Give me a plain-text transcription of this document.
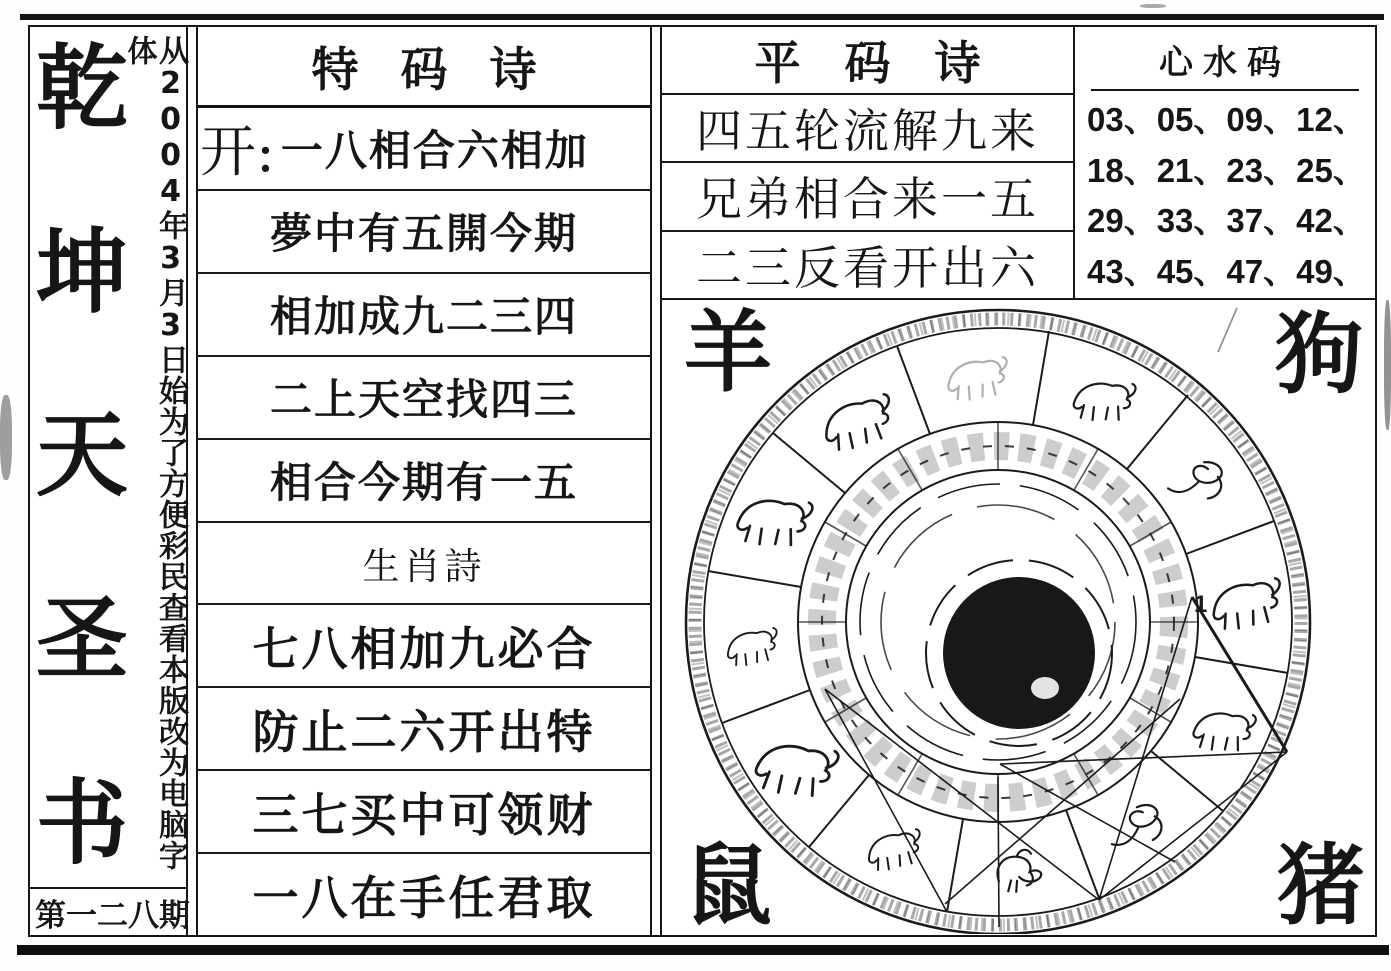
乾
坤
天
圣
书 从2004年3月3日始为了方便彩民查看本版改为电脑字体
第一二八期
特码诗
开: 一八相合六相加
夢中有五開今期
相加成九二三四
二上天空找四三
相合今期有一五
生肖詩
七八相加九必合
防止二六开出特
三七买中可领财
一八在手任君取
平码诗
四五轮流解九来
兄弟相合来一五
二三反看开出六
心水码
03、05、09、12、
18、21、23、25、
29、33、37、42、
43、45、47、49、
1
羊	狗
鼠	猪
